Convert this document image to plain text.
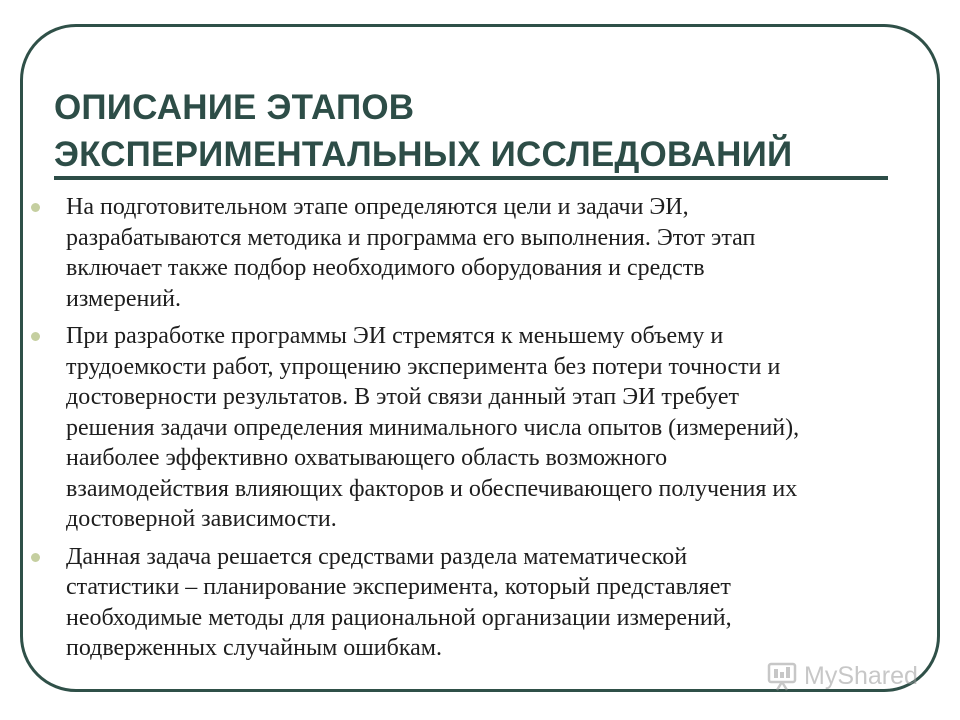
ОПИСАНИЕ ЭТАПОВ
ЭКСПЕРИМЕНТАЛЬНЫХ ИССЛЕДОВАНИЙ
На подготовительном этапе определяются цели и задачи ЭИ,
разрабатываются методика и программа его выполнения. Этот этап
включает также подбор необходимого оборудования и средств
измерений.
При разработке программы ЭИ стремятся к меньшему объему и
трудоемкости работ, упрощению эксперимента без потери точности и
достоверности результатов. В этой связи данный этап ЭИ требует
решения задачи определения минимального числа опытов (измерений),
наиболее эффективно охватывающего область возможного
взаимодействия влияющих факторов и обеспечивающего получения их
достоверной зависимости.
Данная задача решается средствами раздела математической
статистики – планирование эксперимента, который представляет
необходимые методы для рациональной организации измерений,
подверженных случайным ошибкам.
MyShared
